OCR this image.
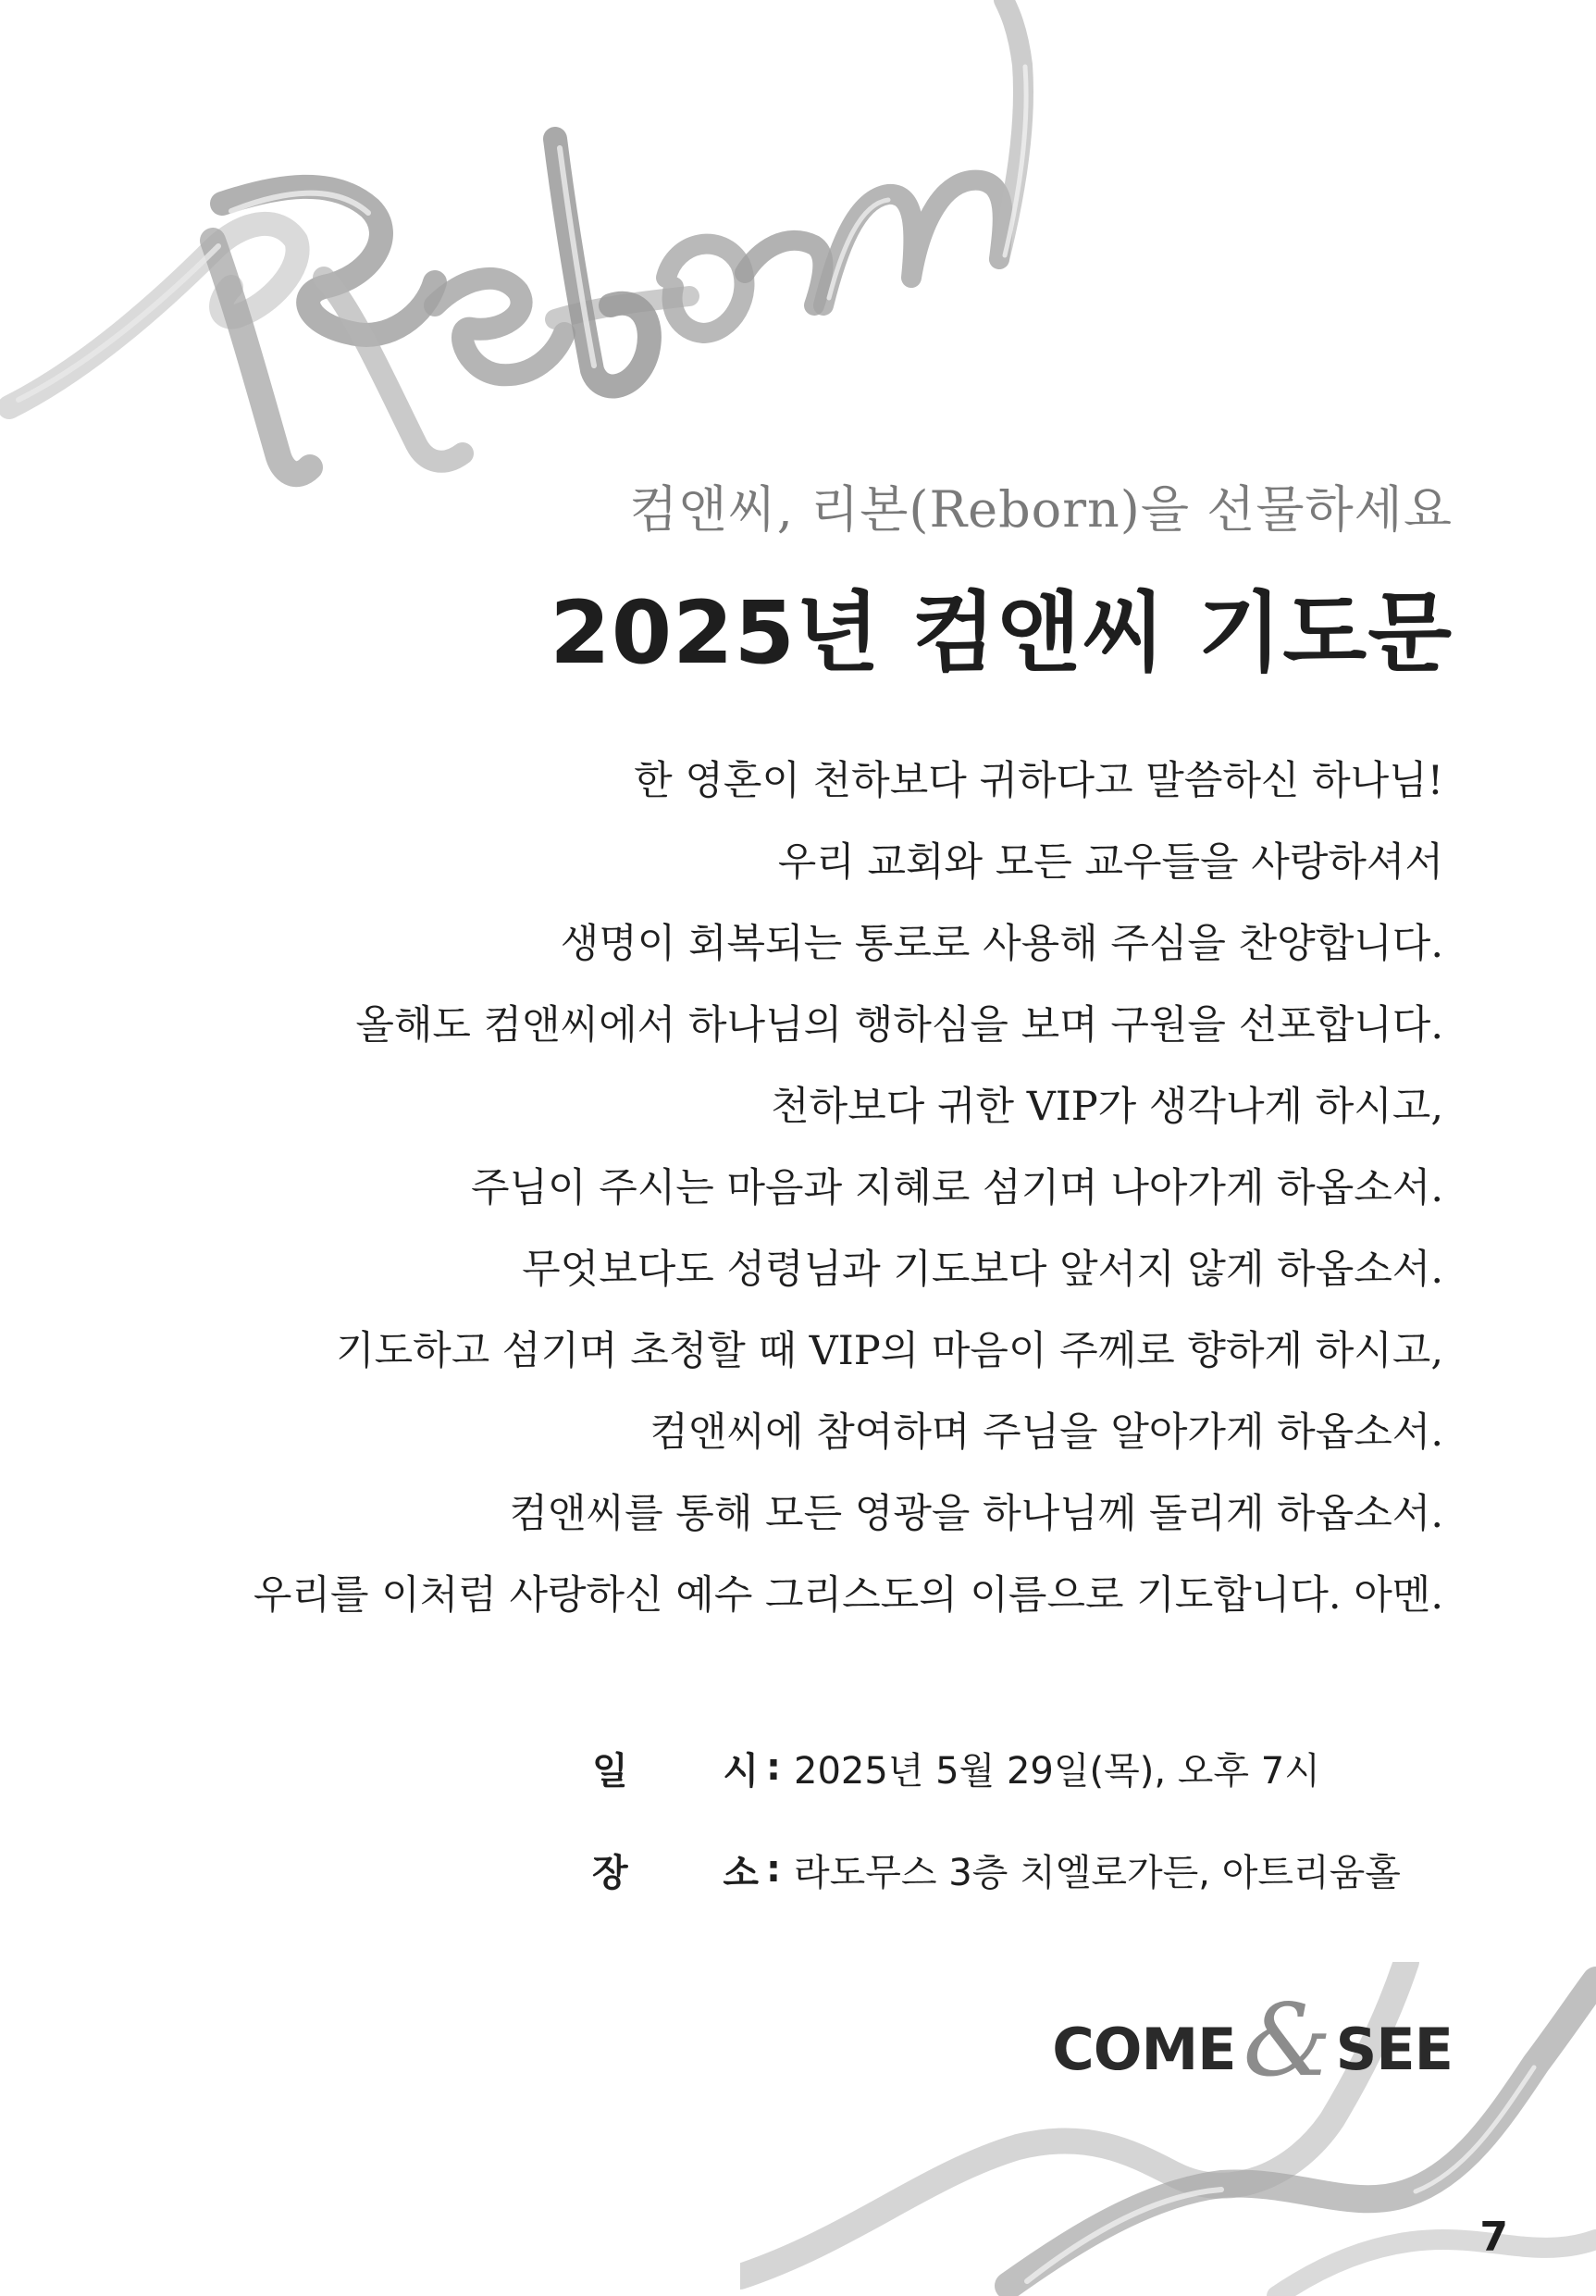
컴앤씨, 리본(Reborn)을 선물하세요
2025년 컴앤씨 기도문
한 영혼이 천하보다 귀하다고 말씀하신 하나님!
우리 교회와 모든 교우들을 사랑하셔서
생명이 회복되는 통로로 사용해 주심을 찬양합니다.
올해도 컴앤씨에서 하나님의 행하심을 보며 구원을 선포합니다.
천하보다 귀한 VIP가 생각나게 하시고,
주님이 주시는 마음과 지혜로 섬기며 나아가게 하옵소서.
무엇보다도 성령님과 기도보다 앞서지 않게 하옵소서.
기도하고 섬기며 초청할 때 VIP의 마음이 주께로 향하게 하시고,
컴앤씨에 참여하며 주님을 알아가게 하옵소서.
컴앤씨를 통해 모든 영광을 하나님께 돌리게 하옵소서.
우리를 이처럼 사랑하신 예수 그리스도의 이름으로 기도합니다. 아멘.
일	시 : 2025년 5월 29일(목), 오후 7시
장	소 : 라도무스 3층 치엘로가든, 아트리움홀
COME & SEE
7
